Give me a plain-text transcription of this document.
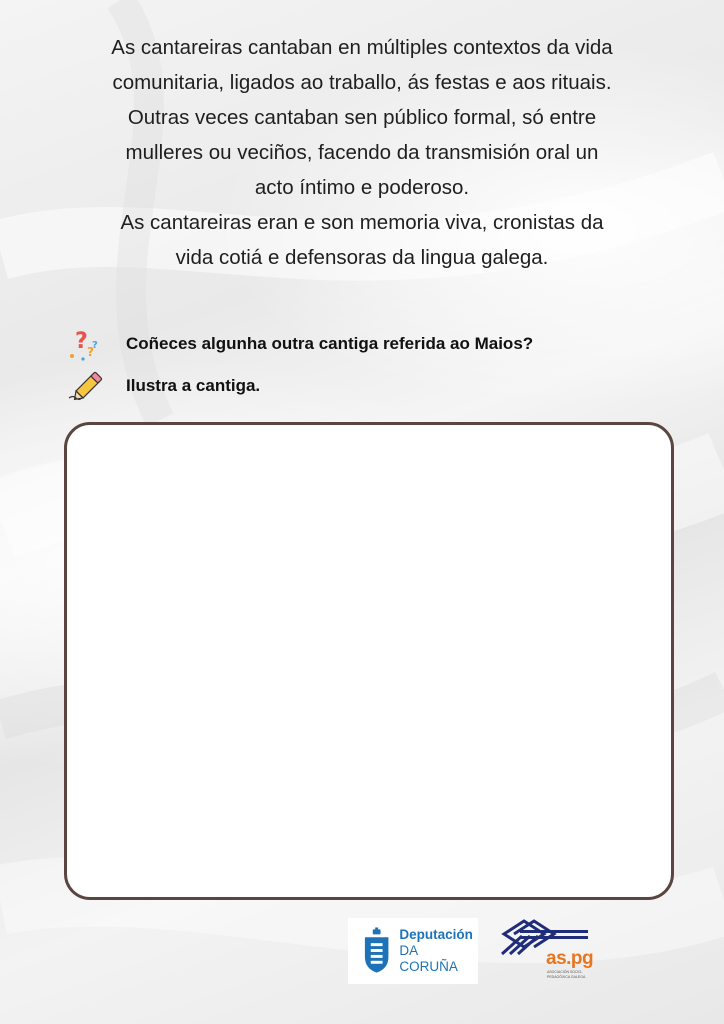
As cantareiras cantaban en múltiples contextos da vida

comunitaria, ligados ao traballo, ás festas e aos rituais.

Outras veces cantaban sen público formal, só entre

mulleres ou veciños, facendo da transmisión oral un

acto íntimo e poderoso.

As cantareiras eran e son memoria viva, cronistas da

vida cotiá e defensoras da lingua galega.

? ?
? Coñeces algunha outra cantiga referida ao Maios?
Ilustra a cantiga.
Deputación
DA CORUÑA	as.pg
ASOCIACIÓN SOCIO-PEDAGÓXICA GALEGA
